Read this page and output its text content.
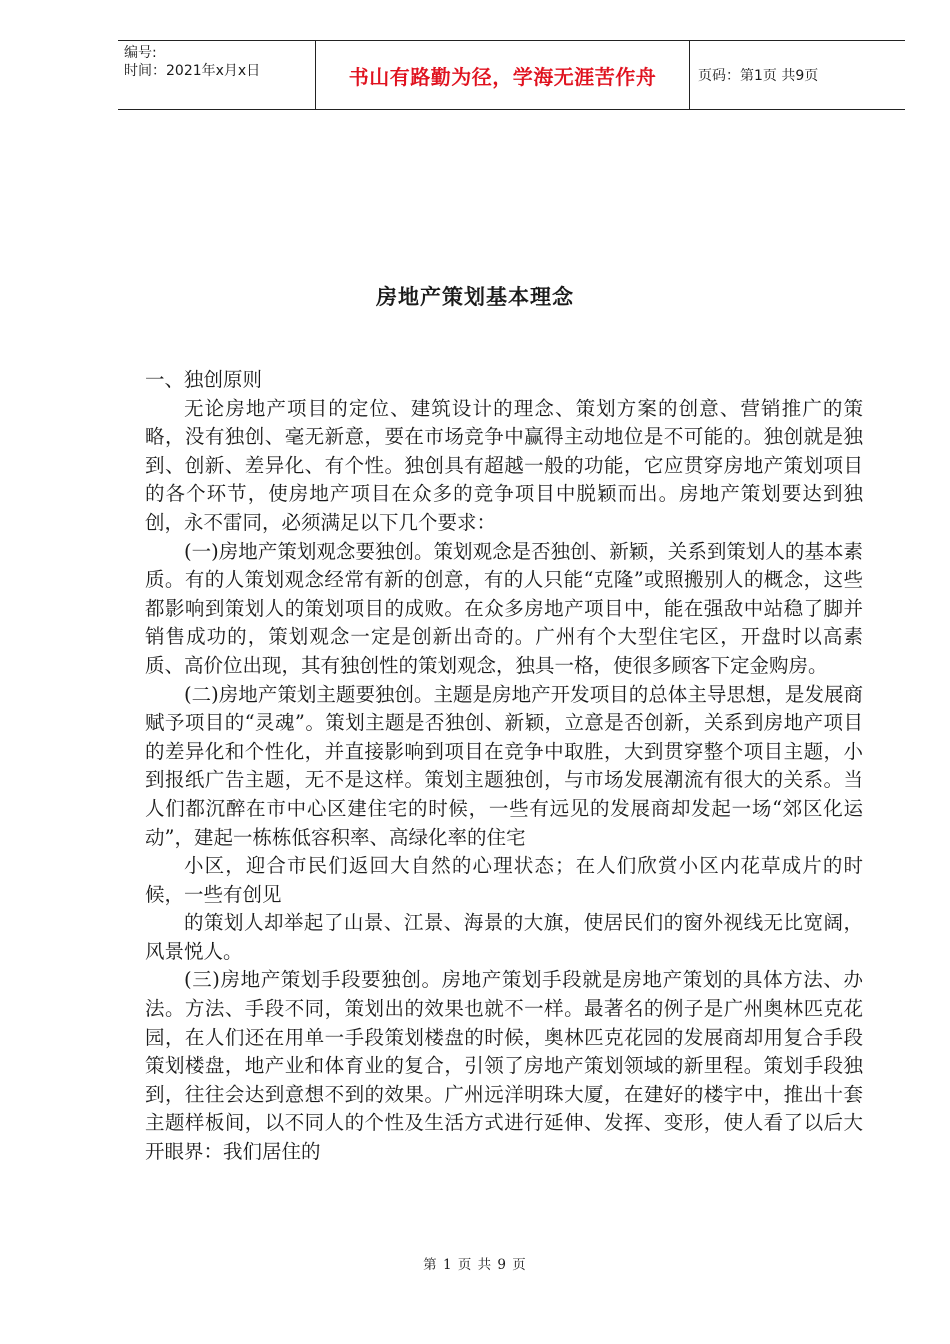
编号:
时间：2021年x月x日	书山有路勤为径，学海无涯苦作舟	页码：第1页 共9页
房地产策划基本理念

一、独创原则

无论房地产项目的定位、建筑设计的理念、策划方案的创意、营销推广的策略，没有独创、毫无新意，要在市场竞争中赢得主动地位是不可能的。独创就是独到、创新、差异化、有个性。独创具有超越一般的功能，它应贯穿房地产策划项目的各个环节，使房地产项目在众多的竞争项目中脱颖而出。房地产策划要达到独创，永不雷同，必须满足以下几个要求：

(一)房地产策划观念要独创。策划观念是否独创、新颖，关系到策划人的基本素质。有的人策划观念经常有新的创意，有的人只能“克隆”或照搬别人的概念，这些都影响到策划人的策划项目的成败。在众多房地产项目中，能在强敌中站稳了脚并销售成功的，策划观念一定是创新出奇的。广州有个大型住宅区，开盘时以高素质、高价位出现，其有独创性的策划观念，独具一格，使很多顾客下定金购房。

(二)房地产策划主题要独创。主题是房地产开发项目的总体主导思想，是发展商赋予项目的“灵魂”。策划主题是否独创、新颖，立意是否创新，关系到房地产项目的差异化和个性化，并直接影响到项目在竞争中取胜，大到贯穿整个项目主题，小到报纸广告主题，无不是这样。策划主题独创，与市场发展潮流有很大的关系。当人们都沉醉在市中心区建住宅的时候，一些有远见的发展商却发起一场“郊区化运动”，建起一栋栋低容积率、高绿化率的住宅

小区，迎合市民们返回大自然的心理状态；在人们欣赏小区内花草成片的时候，一些有创见

的策划人却举起了山景、江景、海景的大旗，使居民们的窗外视线无比宽阔，风景悦人。

(三)房地产策划手段要独创。房地产策划手段就是房地产策划的具体方法、办法。方法、手段不同，策划出的效果也就不一样。最著名的例子是广州奥林匹克花园，在人们还在用单一手段策划楼盘的时候，奥林匹克花园的发展商却用复合手段策划楼盘，地产业和体育业的复合，引领了房地产策划领域的新里程。策划手段独到，往往会达到意想不到的效果。广州远洋明珠大厦，在建好的楼宇中，推出十套主题样板间，以不同人的个性及生活方式进行延伸、发挥、变形，使人看了以后大开眼界：我们居住的

第 1 页 共 9 页
